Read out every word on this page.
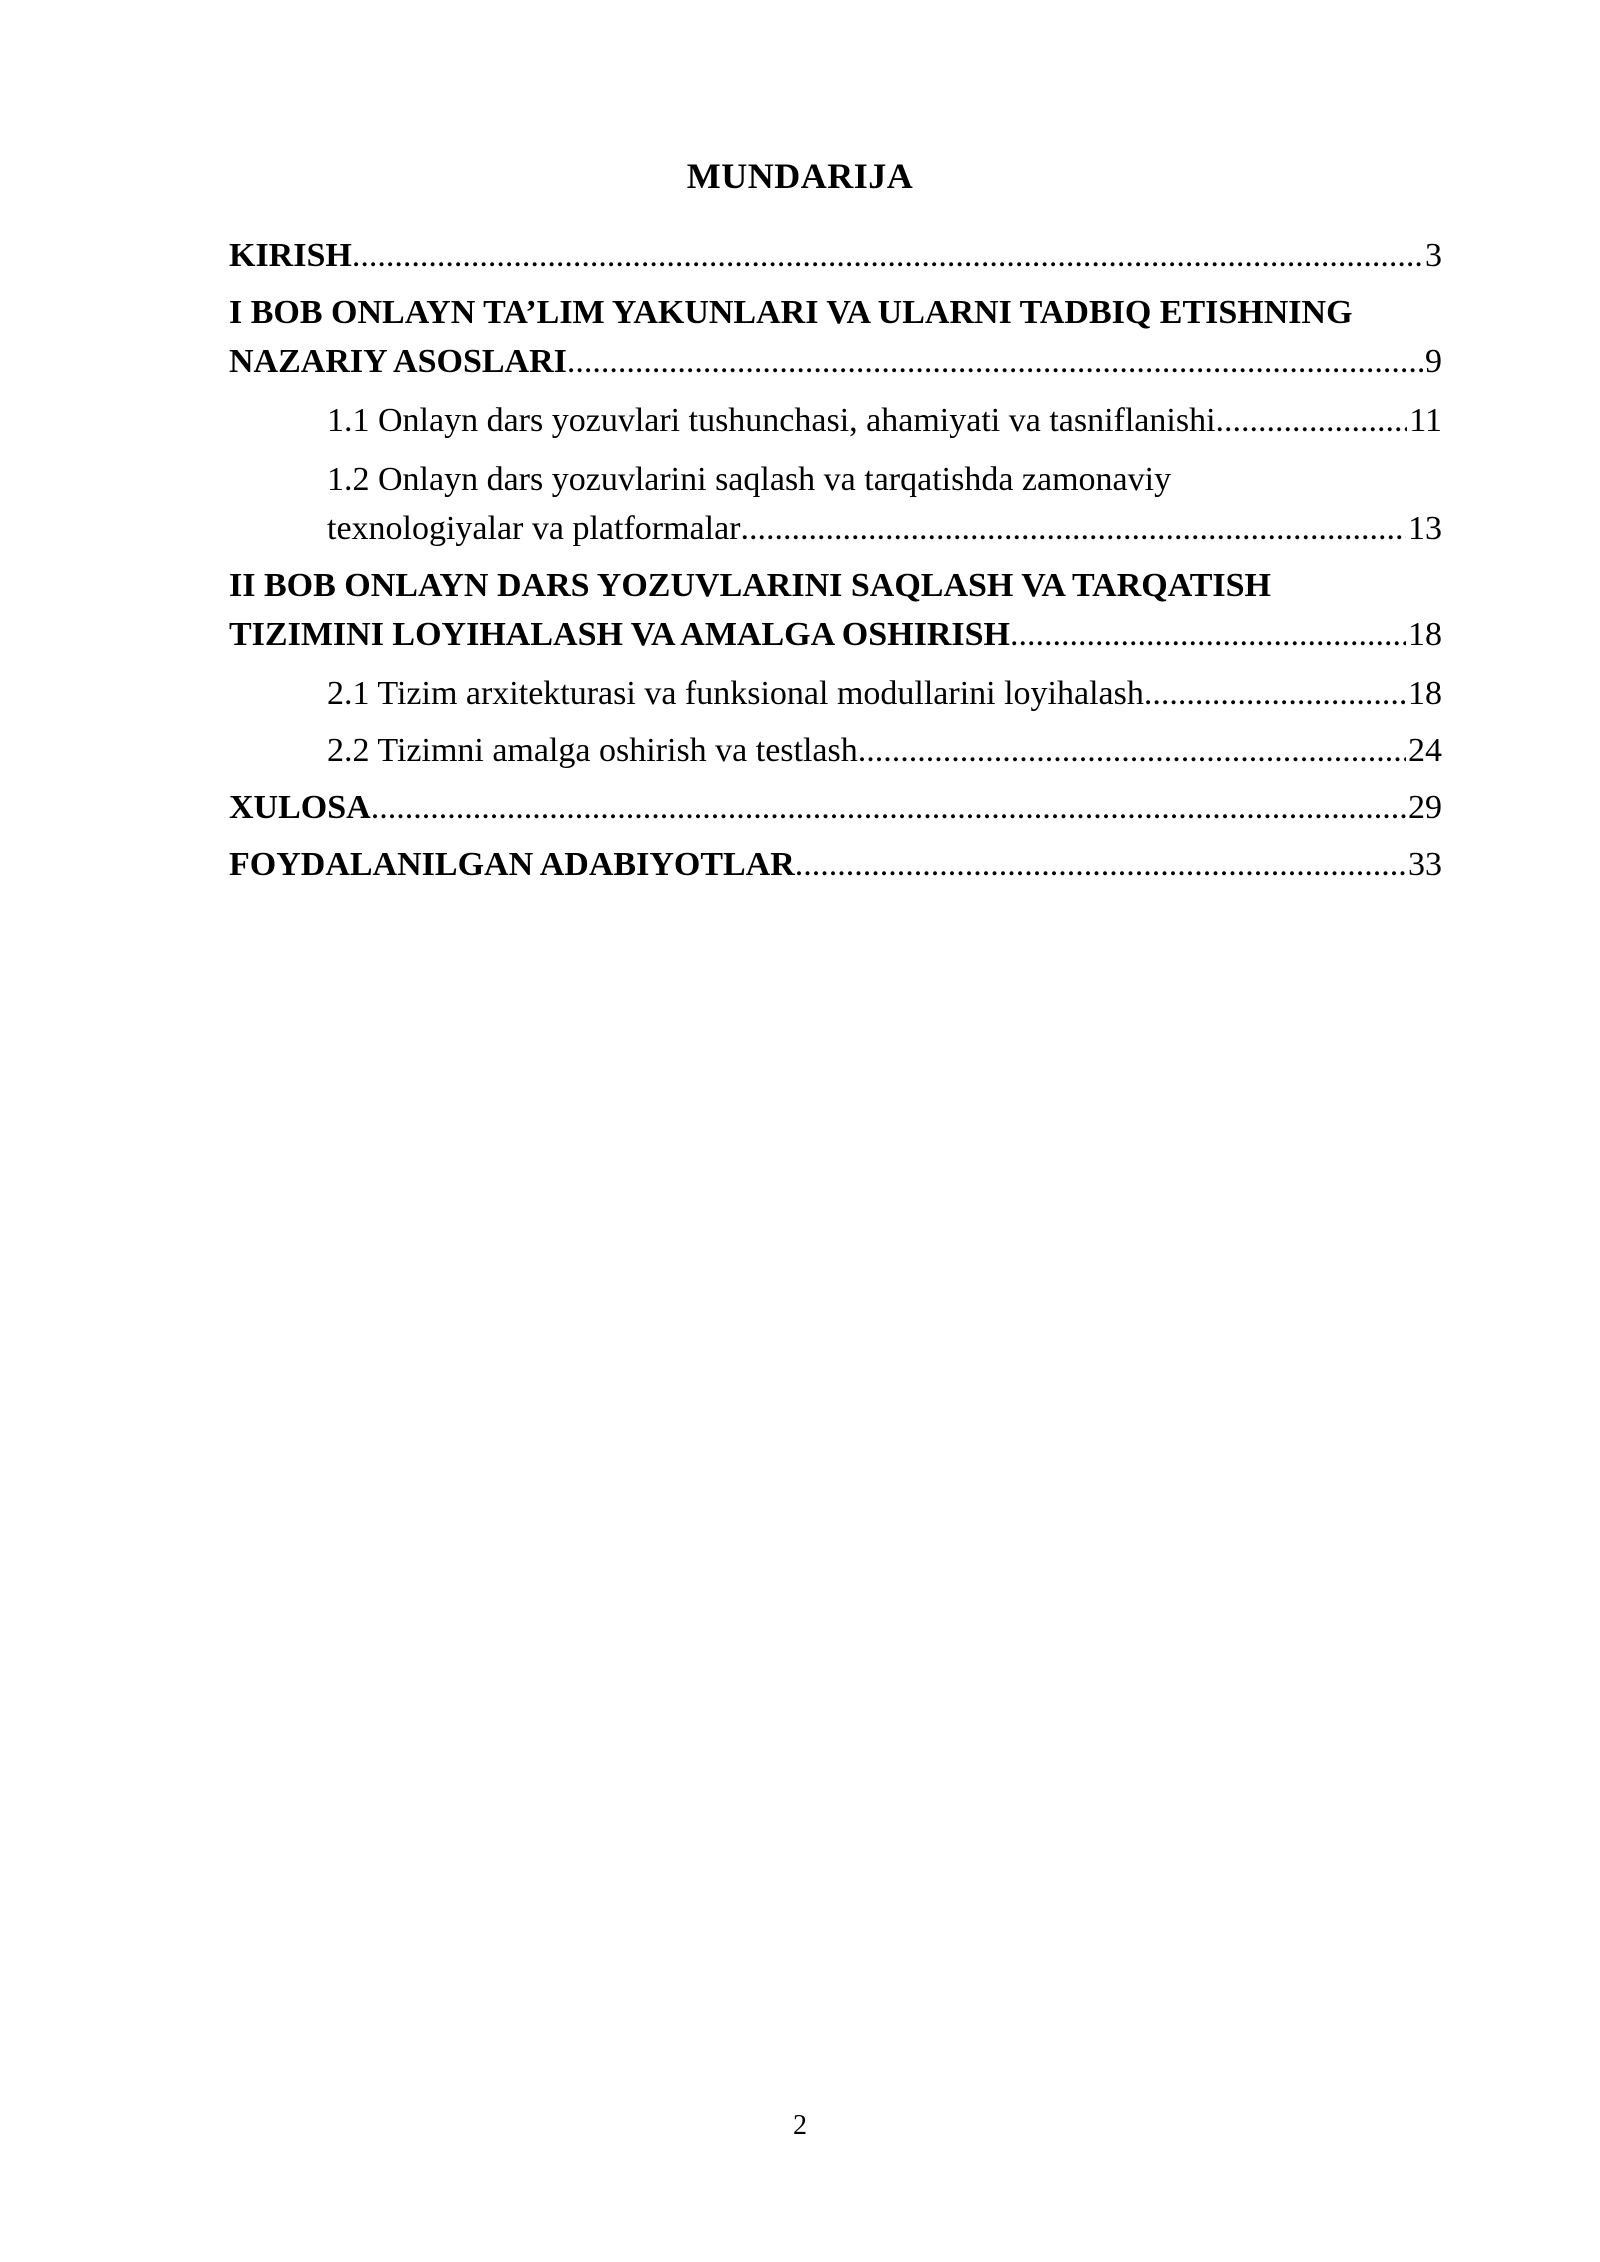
MUNDARIJA
KIRISH .....	3
I BOB ONLAYN TA’LIM YAKUNLARI VA ULARNI TADBIQ ETISHNING
NAZARIY ASOSLARI .....	9
1.1 Onlayn dars yozuvlari tushunchasi, ahamiyati va tasniflanishi .....	11
1.2 Onlayn dars yozuvlarini saqlash va tarqatishda zamonaviy
texnologiyalar va platformalar .....	13
II BOB ONLAYN DARS YOZUVLARINI SAQLASH VA TARQATISH
TIZIMINI LOYIHALASH VA AMALGA OSHIRISH .....	18
2.1 Tizim arxitekturasi va funksional modullarini loyihalash .....	18
2.2 Tizimni amalga oshirish va testlash .....	24
XULOSA .....	29
FOYDALANILGAN ADABIYOTLAR .....	33
2
